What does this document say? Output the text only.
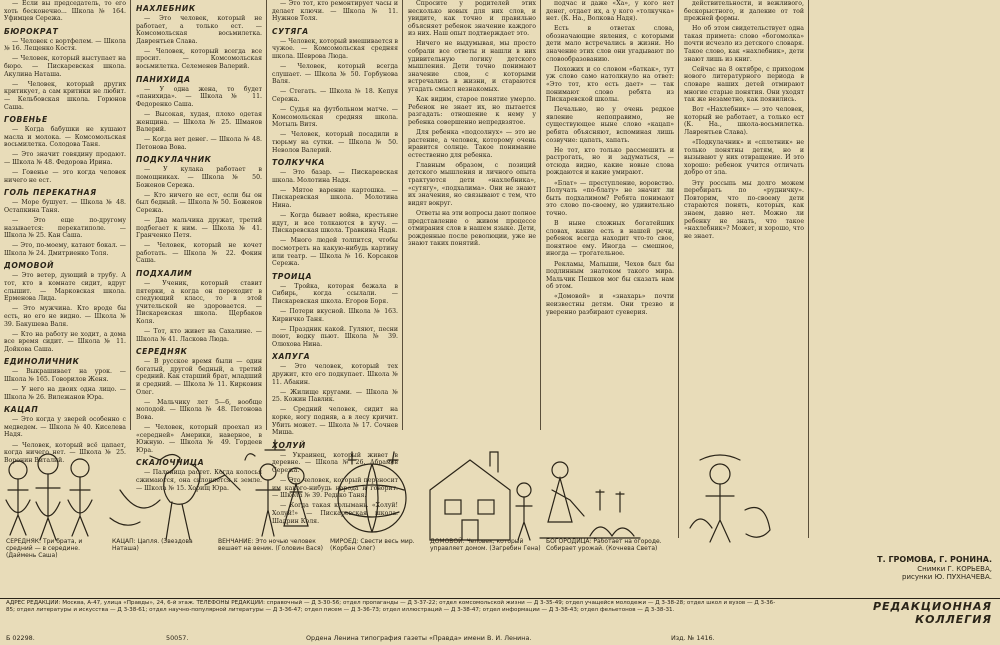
— Если вы председатель, то его хоть бесконечно... Школа № 164. Уфимцев Сережа.

БЮРОКРАТ

— Человек с вортфелем. — Школа № 16. Лещенко Костя.

— Человек, который выступает на бюро. — Пискаревская школа. Акулина Наташа.

— Человек, который других критикует, а сам критики не любит. — Кельбовская школа. Горюнов Саша.

ГОВЕНЬЕ

— Когда бабушки не кушают масла и молока. — Комсомольская восьмилетка. Солодова Таня.

— Это значит говядину продают. — Школа № 48. Федорова Ирина.

— Говенье — это когда человек ничего не ест.

ГОЛЬ ПЕРЕКАТНАЯ

— Море бушует. — Школа № 48. Остапкина Таня.

— Это еще по-другому называется: перекатиполе. — Школа № 25. Кан Саша.

— Это, по-моему, катают бокал. — Школа № 24. Дмитриенко Толя.

ДОМОВОЙ

— Это ветер, дующий в трубу. А тот, кто в комнате сидит, вдруг слышит. — Марковская школа. Ерменова Лида.

— Это мужчина. Кто вроде бы есть, но его не видно. — Школа № 39. Бакушева Валя.

— Кто на работу не ходит, а дома все время сидит. — Школа № 11. Дойкова Саша.

ЕДИНОЛИЧНИК

— Выкрашивает на урок. — Школа № 165. Говорилов Женя.

— У него на двоих одна лицо. — Школа № 26. Вилежанов Юра.

КАЦАП

— Это когда у зверей особенно с медведем. — Школа № 40. Киселева Надя.

— Человек, который всё цапает, когда ничего нет. — Школа № 25. Воронин Виталий.

НАХЛЕБНИК

— Это человек, который не работает, а только ест. — Комсомольская восьмилетка. Даврентьев Слава.

— Человек, который всегда все просит. — Комсомольская восьмилетка. Селеменев Валерий.

ПАНИХИДА

— У одна жена, то будет «панихида». — Школа № 11. Федоренко Саша.

— Высокая, худая, плохо одетая женщина. — Школа № 25. Шманов Валерий.

— Когда нет денег. — Школа № 48. Петонова Вова.

ПОДКУЛАЧНИК

— У кулака работает в помощниках. — Школа № 50. Боженов Сережа.

— Кто ничего не ест, если бы он был бедный. — Школа № 50. Боженов Сережа.

— Два мальчика дружат, третий подбегает к ним. — Школа № 41. Гранченко Петя.

— Человек, который не кочет работать. — Школа № 22. Фокин Саша.

ПОДХАЛИМ

— Ученик, который ставит пятерки, а когда он переходит в следующий класс, то в этой учительской не здоровается. — Пискаревская школа. Щербаков Коля.

— Тот, кто живет на Сахалине. — Школа № 41. Ласкова Люда.

СЕРЕДНЯК

— В русское время были — один богатый, другой бедный, а третий средний. Как старший брат, младший и средний. — Школа № 11. Кирковин Олег.

— Мальчику лет 5—6, вообще молодой. — Школа № 48. Петонова Вова.

— Человек, который проехал из «середней» Америки, наверное, в Южную. — Школа № 49. Гордеев Юра.

СКАЛОЧНИЦА

— Паленица растет. Когда колосья сжимаются, она склоняется к земле. — Школа № 15. Хорищ Юра.

— Это тот, кто ремонтирует часы и делает ключи. — Школа № 11. Нужнов Толя.

СУТЯГА

— Человек, который вмешивается в чужое. — Комсомольская средняя школа. Шеврова Люда.

— Человек, который всегда слушает. — Школа № 50. Горбунова Валя.

— Стегать. — Школа № 18. Кепуя Сережа.

— Судья на футбольном матче. — Комсомольская средняя школа. Мотыль Витя.

— Человек, который посадили в тюрьму на сутки. — Школа № 50. Неволов Валерий.

ТОЛКУЧКА

— Это базар. — Пискаревская школа. Молотина Надя.

— Мятое варение картошка. — Пискаревская школа. Молотина Нина.

— Когда бывает война, крестьяне идут, и все толкаются в кучу. — Пискаревская школа. Травкина Надя.

— Много людей толпится, чтобы посмотреть на какую-нибудь картину или театр. — Школа № 16. Корсаков Сережа.

ТРОИЦА

— Тройка, которая бежала в Сибирь, когда ссылали. — Пискаревская школа. Егоров Боря.

— Потери вкусной. Школа № 163. Кирвичко Таня.

— Праздник какой. Гуляют, песни поют, водку пьют. Школа № 39. Олюхова Нина.

ХАПУГА

— Это человек, который тех дружит, кто его подкупает. Школа № 11. Абакин.

— Жилище кругами. — Школа № 25. Кожин Павлик.

— Средний человек, сидит на корке, ногу подняв, а в лесу кричит. Убить может. — Школа № 17. Сочнев Миша.

ХОЛУЙ

— Украинец, который живет в деревне. — Школа № 26. Абрамов Сережа.

— Это человек, который переносит им какого-нибудь народа и говорит. — Школа № 39. Редько Таня.

— Когда такая колымань. «Холуй! Холуй!» — Пискаревская школа. Шадрин Коля.

Спросите у родителей этих несколько новых для них слов, и увидите, как точно и правильно объясняет ребенок значение каждого из них. Наш опыт подтверждает это.

Ничего не выдумывая, мы просто собрали все ответы и нашли в них удивительную логику детского мышления. Дети точно понимают значение слов, с которыми встречались в жизни, и стараются угадать смысл незнакомых.

Как видим, старое понятие умерло. Ребенок не знает их, но пытается разгадать: отношение к нему у ребенка совершенно непредвзятое.

Для ребенка «подсолнух» — это не растение, а человек, которому очень нравится солнце. Такое понимание естественно для ребенка.

Главным образом, с позиций детского мышления и личного опыта трактуются дети «нахлебника», «сутягу», «подхалима». Они не знают их значения, но связывают с тем, что видят вокруг.

Ответы на эти вопросы дают полное представление о живом процессе отмирания слов в нашем языке. Дети, рожденные после революции, уже не знают таких понятий.

подчас и даже «Ха», у кого нет денег, отдает их, а у кого «толкучка» нет. (К. На., Волкова Надя).

Есть в ответах слова, обозначающие явления, с которыми дети мало встречались в жизни. Но значение этих слов они угадывают по словообразованию.

Похожих и со словом «баткак», тут уж слово само натолкнуло на ответ: «Это тот, кто есть дает» — так понимают слово ребята из Пискаревской школы.

Печально, но у очень редкое явление непоправимо, не существующее ныне слово «кацап» ребята объясняют, вспоминая лишь созвучие: цапать, хапать.

Не тот, кто только рассмешить и растрогать, но и задуматься, — отсюда видно, какие новые слова рождаются и какие умирают.

«Блат» — преступление, воровство. Получать «по-блату» не значит ли быть подхалимом? Ребята понимают это слово по-своему, но удивительно точно.

В ныне сложных богатейших словах, какие есть в нашей речи, ребенок всегда находит что-то свое, понятное ему. Иногда — смешное, иногда — трогательное.

Рекламы, Малыши, Чехов был бы подлинным знатоком такого мира. Мальчик Пешков мог бы сказать нам об этом.

«Домовой» и «знахарь» почти неизвестны детям. Они трезво и уверенно разбирают суеверия.

действительности, и вежливого, бескорыстного, и далекие от той прежней формы.

Но об этом свидетельствует одна такая примета: слово «богомолка» почти исчезло из детского словаря. Такое слово, как «нахлебник», дети знают лишь из книг.

Сейчас на 8 октябре, с приходом нового литературного периода в словаре наших детей отмирают многие старые понятия. Они уходят так же незаметно, как появились.

Вот «Нахлебник» — это человек, который не работает, а только ест (К. На., школа-восьмилетка. Лаврентьев Слава).

«Подкулачник» и «сплетник» не только понятны детям, но и вызывают у них отвращение. И это хорошо: ребенок учится отличать добро от зла.

Эту россыпь мы долго можем перебирать по «рудничку». Повторим, что по-своему дети стараются понять, которых, как знаем, давно нет. Можно ли ребенку не знать, что такое «нахлебник»? Может, и хорошо, что не знает.

СЕРЕДНЯК: Три брата, и средний — в середине. (Даймень Саша)
КАЦАП: Цапля. (Звездова Наташа)
ВЕНЧАНИЕ: Это ночью человек вешает на веник. (Головин Вася)
МИРОЕД: Свести весь мир. (Корбан Олег)
ДОМОВОЙ: Человек, который управляет домом. (Загребин Гена)
БОГОРОДИЦА: Работает на огороде. Собирает урожай. (Кочнева Света)
Т. ГРОМОВА, Г. РОНИНА.
Снимки Г. КОРЬЕВА,
рисунки Ю. ПУХНАЧЕВА.
АДРЕС РЕДАКЦИИ: Москва, А-47, улица «Правды», 24, 6-й этаж. ТЕЛЕФОНЫ РЕДАКЦИИ: справочный — Д 3-30-56; отдел пропаганды — Д 3-37-22; отдел комсомольской жизни — Д 3-35-49; отдел учащейся молодежи — Д 3-38-28; отдел школ и вузов — Д 3-36-85; отдел литературы и искусства — Д 3-38-61; отдел научно-популярной литературы — Д 3-36-47; отдел писем — Д 3-36-73; отдел иллюстраций — Д 3-38-47; отдел информации — Д 3-38-43; отдел фельетонов — Д 3-38-31.
Б 02298.	50057.	Ордена Ленина типография газеты «Правда» имени В. И. Ленина.	Изд. № 1416.
РЕДАКЦИОННАЯ
КОЛЛЕГИЯ
